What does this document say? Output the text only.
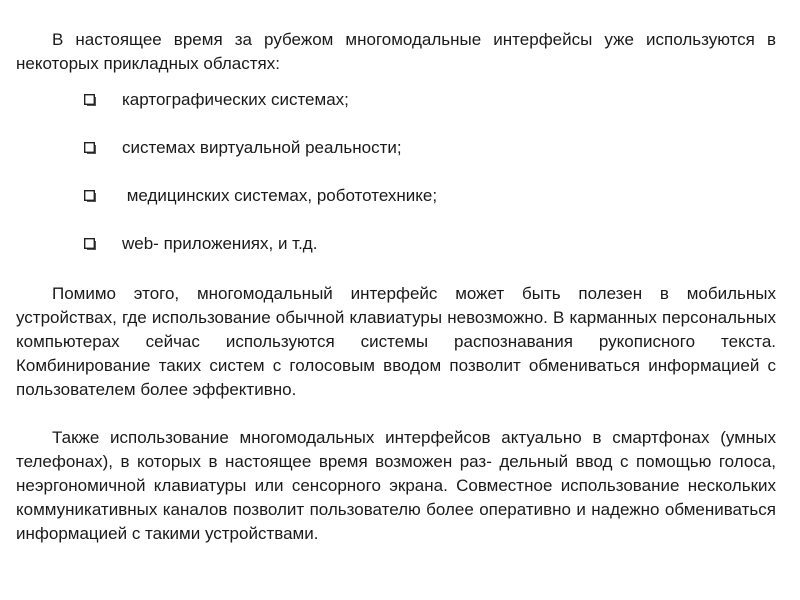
В настоящее время за рубежом многомодальные интерфейсы уже используются в некоторых прикладных областях:

картографических системах;
системах виртуальной реальности;
медицинских системах, робототехнике;
web- приложениях, и т.д.

Помимо этого, многомодальный интерфейс может быть полезен в мобильных устройствах, где использование обычной клавиатуры невозможно. В карманных персональных компьютерах сейчас используются системы распознавания рукописного текста. Комбинирование таких систем с голосовым вводом позволит обмениваться информацией с пользователем более эффективно.

Также использование многомодальных интерфейсов актуально в смартфонах (умных телефонах), в которых в настоящее время возможен раз- дельный ввод с помощью голоса, неэргономичной клавиатуры или сенсорного экрана. Совместное использование нескольких коммуникативных каналов позволит пользователю более оперативно и надежно обмениваться информацией с такими устройствами.
